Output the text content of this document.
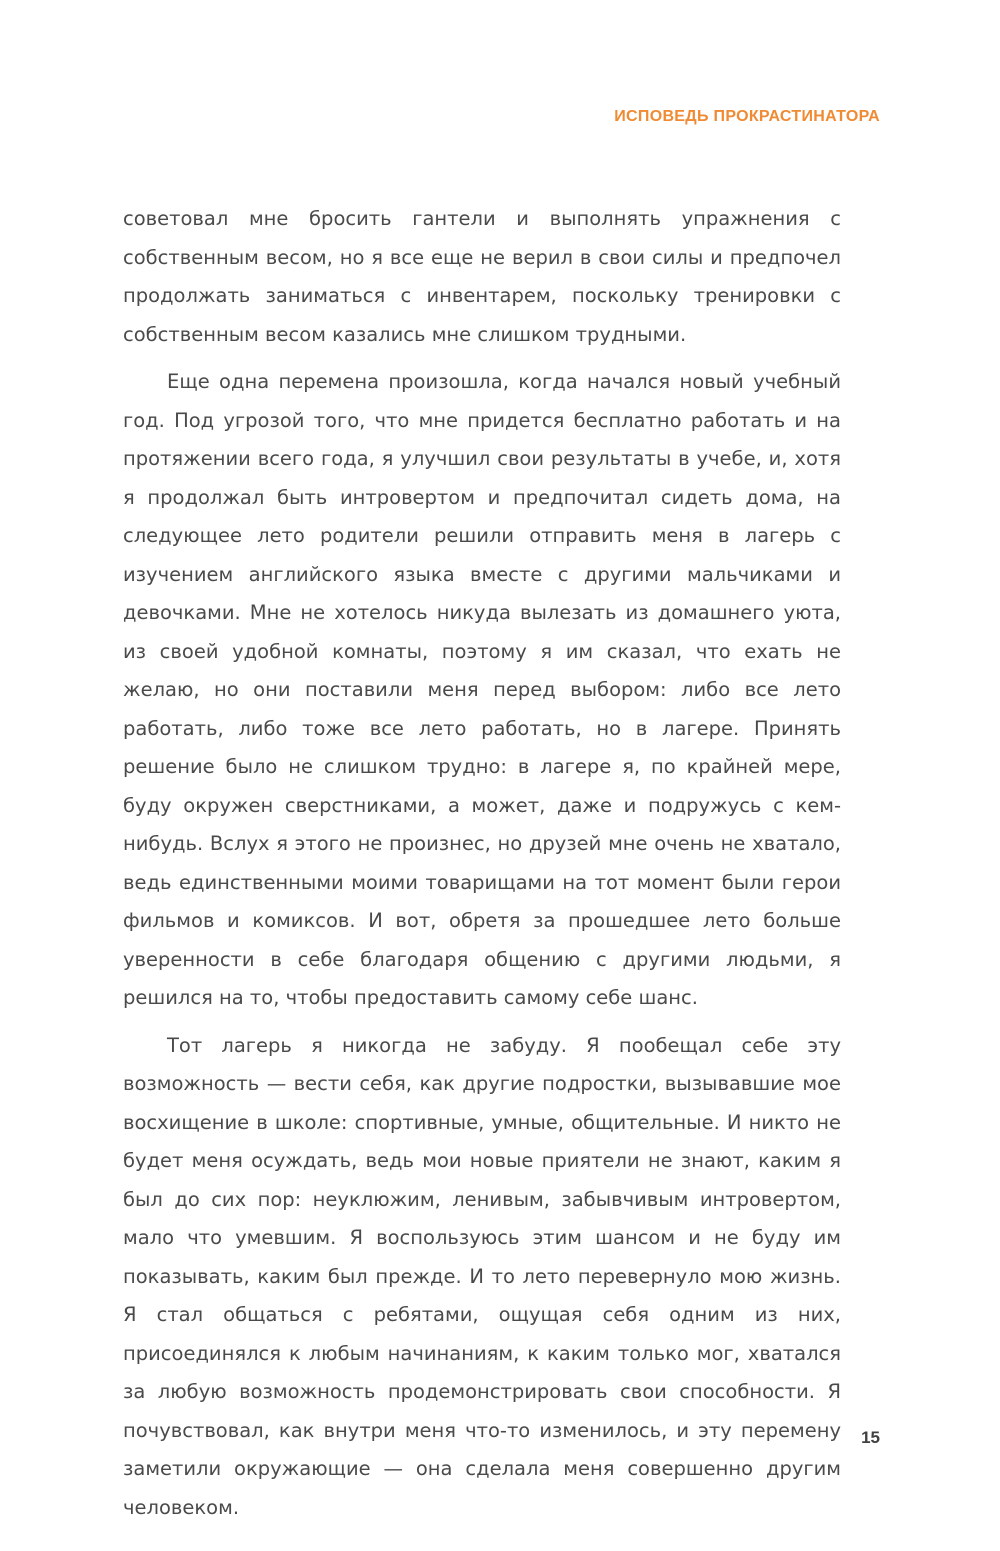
ИСПОВЕДЬ ПРОКРАСТИНАТОРА

советовал мне бросить гантели и выполнять упражнения с собственным весом, но я все еще не верил в свои силы и предпочел продолжать заниматься с инвентарем, поскольку тренировки с собственным весом казались мне слишком трудными.

Еще одна перемена произошла, когда начался новый учебный год. Под угрозой того, что мне придется бесплатно работать и на протяжении всего года, я улучшил свои результаты в учебе, и, хотя я продолжал быть интровертом и предпочитал сидеть дома, на следующее лето родители решили отправить меня в лагерь с изучением английского языка вместе с другими мальчиками и девочками. Мне не хотелось никуда вылезать из домашнего уюта, из своей удобной комнаты, поэтому я им сказал, что ехать не желаю, но они поставили меня перед выбором: либо все лето работать, либо тоже все лето работать, но в лагере. Принять решение было не слишком трудно: в лагере я, по крайней мере, буду окружен сверстниками, а может, даже и подружусь с кем-нибудь. Вслух я этого не произнес, но друзей мне очень не хватало, ведь единственными моими товарищами на тот момент были герои фильмов и комиксов. И вот, обретя за прошедшее лето больше уверенности в себе благодаря общению с другими людьми, я решился на то, чтобы предоставить самому себе шанс.

Тот лагерь я никогда не забуду. Я пообещал себе эту возможность — вести себя, как другие подростки, вызывавшие мое восхищение в школе: спортивные, умные, общительные. И никто не будет меня осуждать, ведь мои новые приятели не знают, каким я был до сих пор: неуклюжим, ленивым, забывчивым интровертом, мало что умевшим. Я воспользуюсь этим шансом и не буду им показывать, каким был прежде. И то лето перевернуло мою жизнь. Я стал общаться с ребятами, ощущая себя одним из них, присоединялся к любым начинаниям, к каким только мог, хватался за любую возможность продемонстрировать свои способности. Я почувствовал, как внутри меня что-то изменилось, и эту перемену заметили окружающие — она сделала меня совершенно другим человеком.

15
